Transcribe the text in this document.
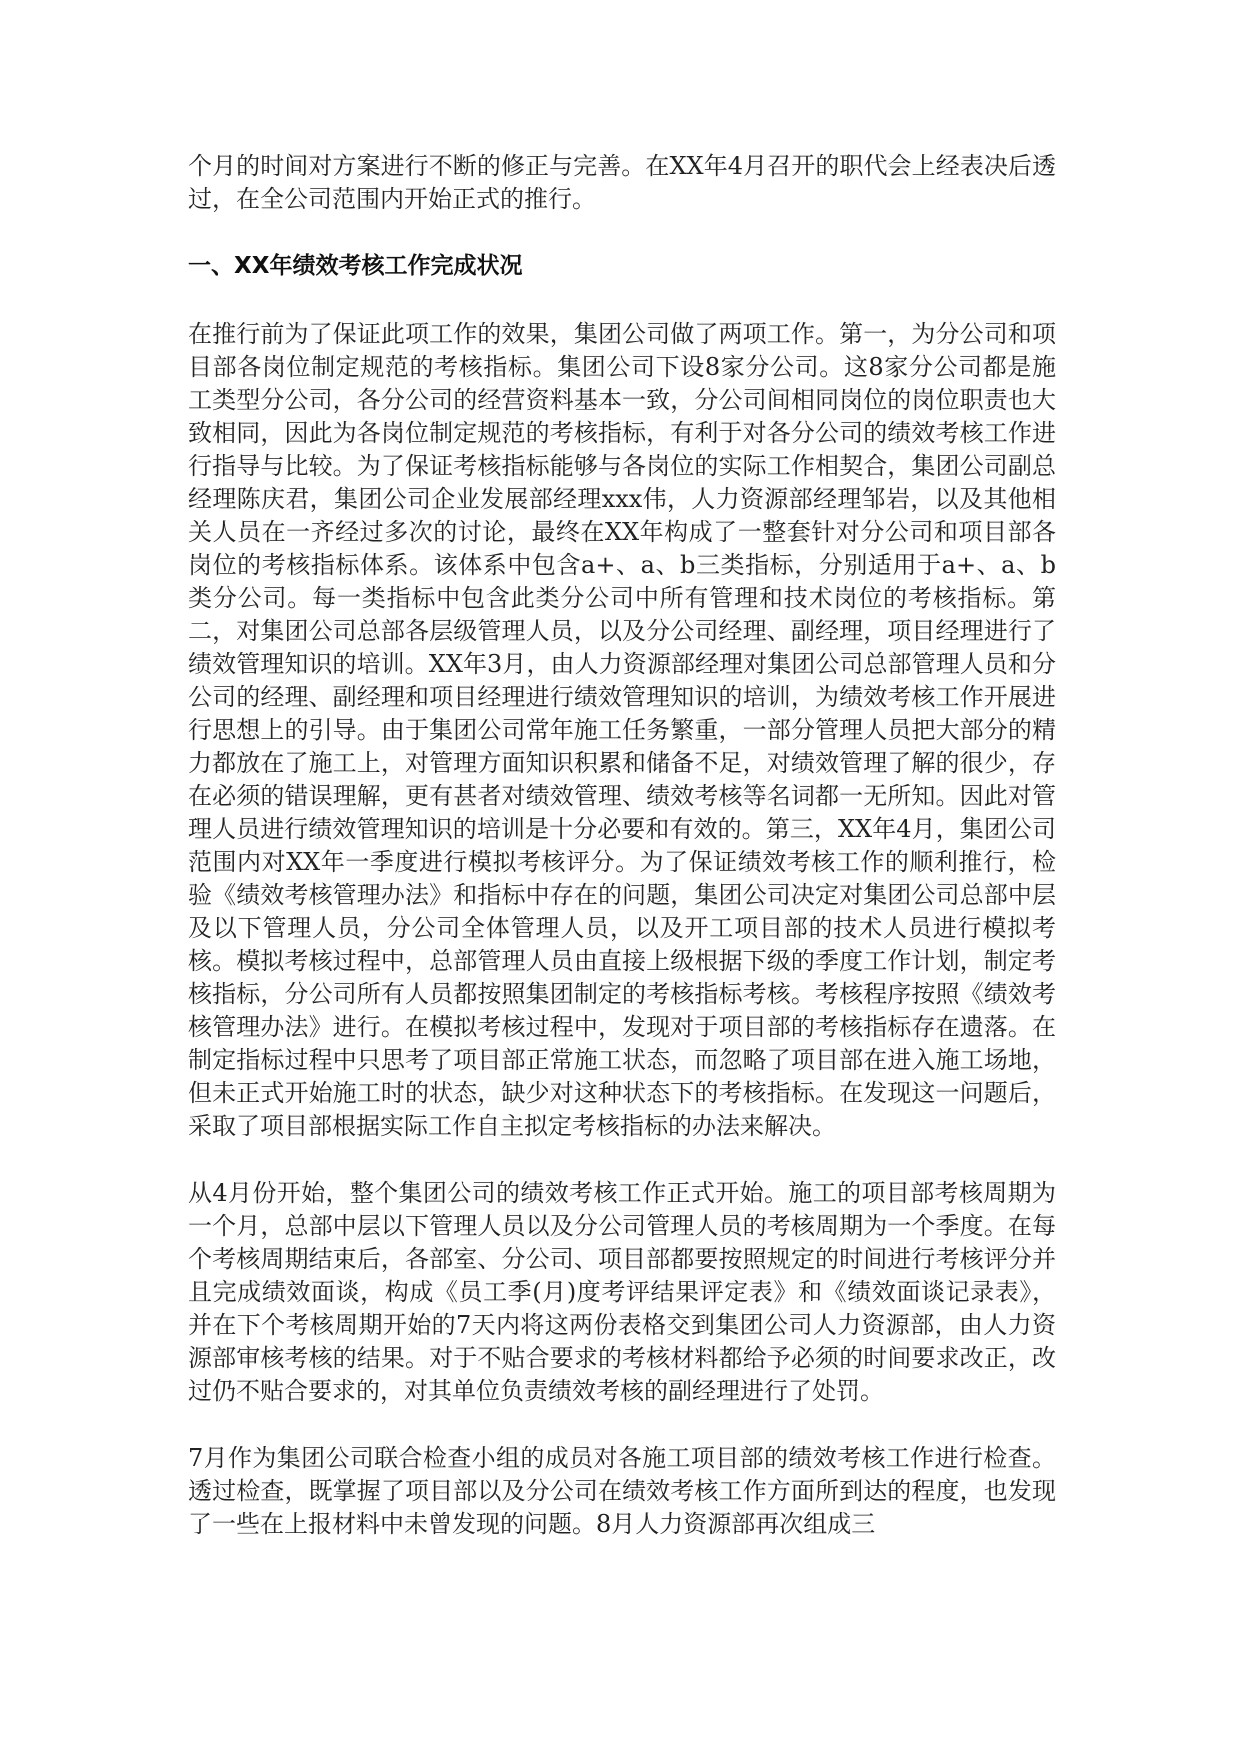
个月的时间对方案进行不断的修正与完善。在XX年4月召开的职代会上经表决后透过，在全公司范围内开始正式的推行。

一、XX年绩效考核工作完成状况

在推行前为了保证此项工作的效果，集团公司做了两项工作。第一，为分公司和项目部各岗位制定规范的考核指标。集团公司下设8家分公司。这8家分公司都是施工类型分公司，各分公司的经营资料基本一致，分公司间相同岗位的岗位职责也大致相同，因此为各岗位制定规范的考核指标，有利于对各分公司的绩效考核工作进行指导与比较。为了保证考核指标能够与各岗位的实际工作相契合，集团公司副总经理陈庆君，集团公司企业发展部经理xxx伟，人力资源部经理邹岩，以及其他相关人员在一齐经过多次的讨论，最终在XX年构成了一整套针对分公司和项目部各岗位的考核指标体系。该体系中包含a+、a、b三类指标，分别适用于a+、a、b类分公司。每一类指标中包含此类分公司中所有管理和技术岗位的考核指标。第二，对集团公司总部各层级管理人员，以及分公司经理、副经理，项目经理进行了绩效管理知识的培训。XX年3月，由人力资源部经理对集团公司总部管理人员和分公司的经理、副经理和项目经理进行绩效管理知识的培训，为绩效考核工作开展进行思想上的引导。由于集团公司常年施工任务繁重，一部分管理人员把大部分的精力都放在了施工上，对管理方面知识积累和储备不足，对绩效管理了解的很少，存在必须的错误理解，更有甚者对绩效管理、绩效考核等名词都一无所知。因此对管理人员进行绩效管理知识的培训是十分必要和有效的。第三，XX年4月，集团公司范围内对XX年一季度进行模拟考核评分。为了保证绩效考核工作的顺利推行，检验《绩效考核管理办法》和指标中存在的问题，集团公司决定对集团公司总部中层及以下管理人员，分公司全体管理人员，以及开工项目部的技术人员进行模拟考核。模拟考核过程中，总部管理人员由直接上级根据下级的季度工作计划，制定考核指标，分公司所有人员都按照集团制定的考核指标考核。考核程序按照《绩效考核管理办法》进行。在模拟考核过程中，发现对于项目部的考核指标存在遗落。在制定指标过程中只思考了项目部正常施工状态，而忽略了项目部在进入施工场地，但未正式开始施工时的状态，缺少对这种状态下的考核指标。在发现这一问题后，采取了项目部根据实际工作自主拟定考核指标的办法来解决。

从4月份开始，整个集团公司的绩效考核工作正式开始。施工的项目部考核周期为一个月，总部中层以下管理人员以及分公司管理人员的考核周期为一个季度。在每个考核周期结束后，各部室、分公司、项目部都要按照规定的时间进行考核评分并且完成绩效面谈，构成《员工季(月)度考评结果评定表》和《绩效面谈记录表》，并在下个考核周期开始的7天内将这两份表格交到集团公司人力资源部，由人力资源部审核考核的结果。对于不贴合要求的考核材料都给予必须的时间要求改正，改过仍不贴合要求的，对其单位负责绩效考核的副经理进行了处罚。

7月作为集团公司联合检查小组的成员对各施工项目部的绩效考核工作进行检查。透过检查，既掌握了项目部以及分公司在绩效考核工作方面所到达的程度，也发现了一些在上报材料中未曾发现的问题。8月人力资源部再次组成三
